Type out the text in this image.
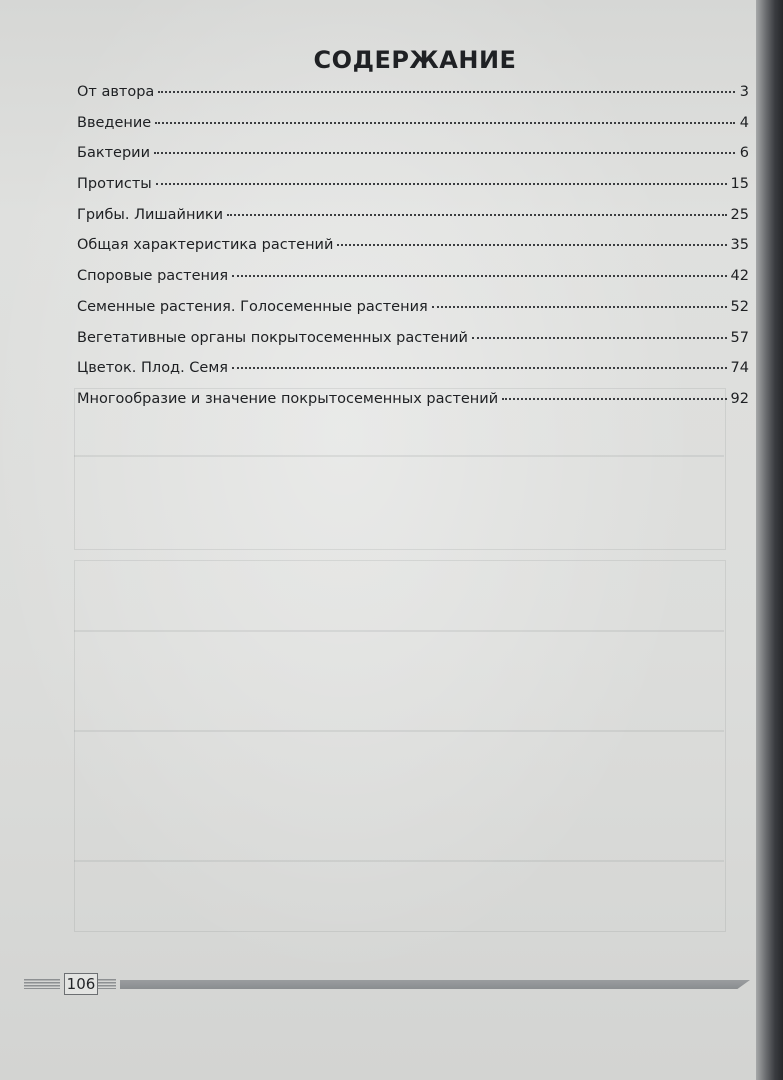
СОДЕРЖАНИЕ
От автора	3
Введение	4
Бактерии	6
Протисты	15
Грибы. Лишайники	25
Общая характеристика растений	35
Споровые растения	42
Семенные растения. Голосеменные растения	52
Вегетативные органы покрытосеменных растений	57
Цветок. Плод. Семя	74
Многообразие и значение покрытосеменных растений	92
106
